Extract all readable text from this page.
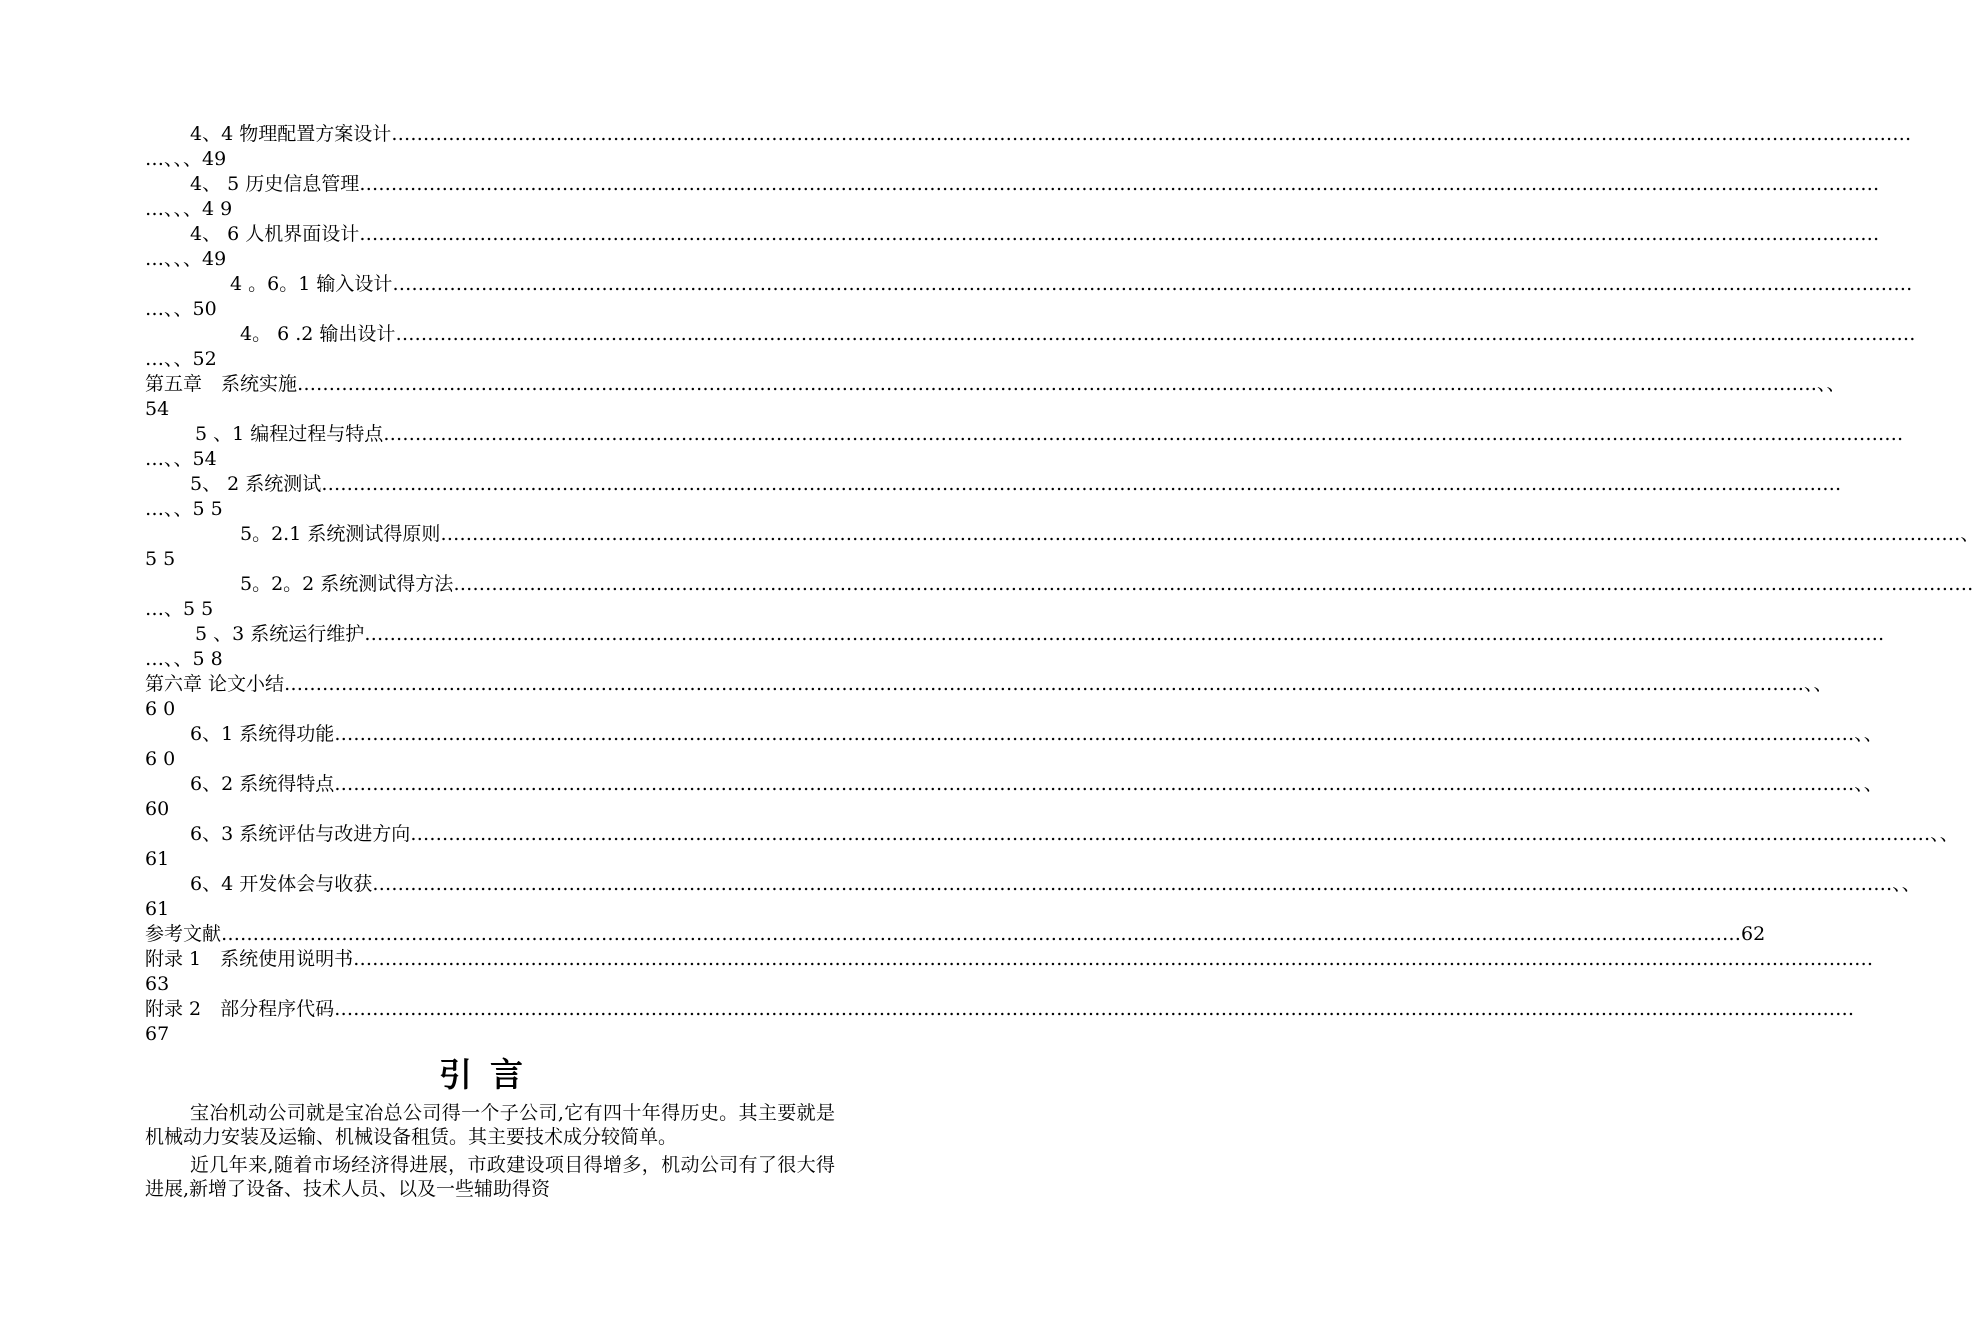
4、4 物理配置方案设计 ……………………………………………………………………………………………………………………………………………………………………………………………………………………
…、、、49
4、 5 历史信息管理 ……………………………………………………………………………………………………………………………………………………………………………………………………………………
…、、、4 9
4、 6 人机界面设计 ……………………………………………………………………………………………………………………………………………………………………………………………………………………
…、、、49
4 。6。1 输入设计 ……………………………………………………………………………………………………………………………………………………………………………………………………………………
…、、50
4。 6 .2 输出设计 ……………………………………………………………………………………………………………………………………………………………………………………………………………………
…、、52
第五章　系统实施 …………………………………………………………………………………………………………………………………………………………………………………………………………………… 、、
54
5 、1 编程过程与特点 ……………………………………………………………………………………………………………………………………………………………………………………………………………………
…、、54
5、 2 系统测试 ……………………………………………………………………………………………………………………………………………………………………………………………………………………
…、、5 5
5。2.1 系统测试得原则 …………………………………………………………………………………………………………………………………………………………………………………………………………………… 、
5 5
5。2。2 系统测试得方法 ……………………………………………………………………………………………………………………………………………………………………………………………………………………
…、5 5
5 、3 系统运行维护 ……………………………………………………………………………………………………………………………………………………………………………………………………………………
…、、5 8
第六章 论文小结 …………………………………………………………………………………………………………………………………………………………………………………………………………………… 、、
6 0
6、1 系统得功能 …………………………………………………………………………………………………………………………………………………………………………………………………………………… 、、
6 0
6、2 系统得特点 …………………………………………………………………………………………………………………………………………………………………………………………………………………… 、、
60
6、3 系统评估与改进方向 …………………………………………………………………………………………………………………………………………………………………………………………………………………… 、、
61
6、4 开发体会与收获 …………………………………………………………………………………………………………………………………………………………………………………………………………………… 、、
61
参考文献 …………………………………………………………………………………………………………………………………………………………………………………………………………………… 62
附录 1　系统使用说明书 ……………………………………………………………………………………………………………………………………………………………………………………………………………………
63
附录 2　部分程序代码 ……………………………………………………………………………………………………………………………………………………………………………………………………………………
67
引言

宝冶机动公司就是宝冶总公司得一个子公司,它有四十年得历史。其主要就是机械动力安装及运输、机械设备租赁。其主要技术成分较简单。

近几年来,随着市场经济得进展，市政建设项目得增多，机动公司有了很大得进展,新增了设备、技术人员、以及一些辅助得资
